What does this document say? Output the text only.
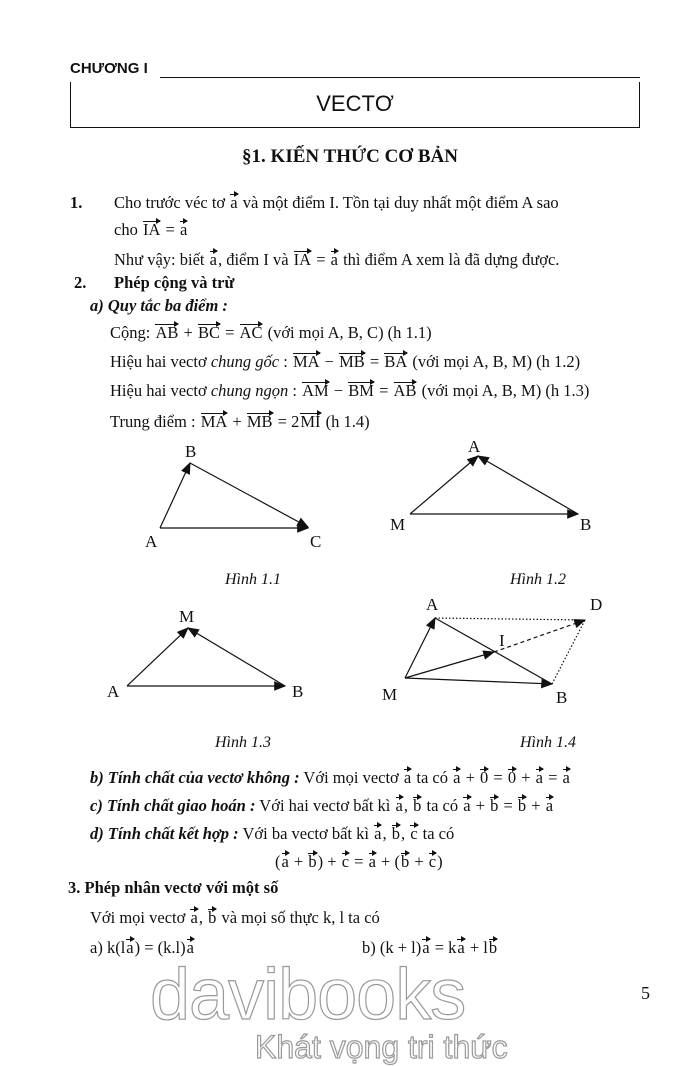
CHƯƠNG I
VECTƠ
§1. KIẾN THỨC CƠ BẢN
1. Cho trước véc tơ a và một điểm I. Tồn tại duy nhất một điểm A sao
cho IA = a
Như vậy: biết a, điểm I và IA = a thì điểm A xem là đã dựng được.
2. Phép cộng và trừ
a) Quy tắc ba điểm :
Cộng: AB + BC = AC (với mọi A, B, C) (h 1.1)
Hiệu hai vectơ chung gốc : MA − MB = BA (với mọi A, B, M) (h 1.2)
Hiệu hai vectơ chung ngọn : AM − BM = AB (với mọi A, B, M) (h 1.3)
Trung điểm : MA + MB = 2MI (h 1.4)
b) Tính chất của vectơ không : Với mọi vectơ a ta có a + 0 = 0 + a = a
c) Tính chất giao hoán : Với hai vectơ bất kì a, b ta có a + b = b + a
d) Tính chất kết hợp : Với ba vectơ bất kì a, b, c ta có
(a + b) + c = a + (b + c)
3. Phép nhân vectơ với một số
Với mọi vectơ a, b và mọi số thực k, l ta có
a) k(la) = (k.l)a	b) (k + l)a = ka + lb
A
B
C
A
M	B
M
A	B
A	D
I
M	B
Hình 1.1	Hình 1.2
Hình 1.3	Hình 1.4
davibooks
Khát vọng tri thức
5
